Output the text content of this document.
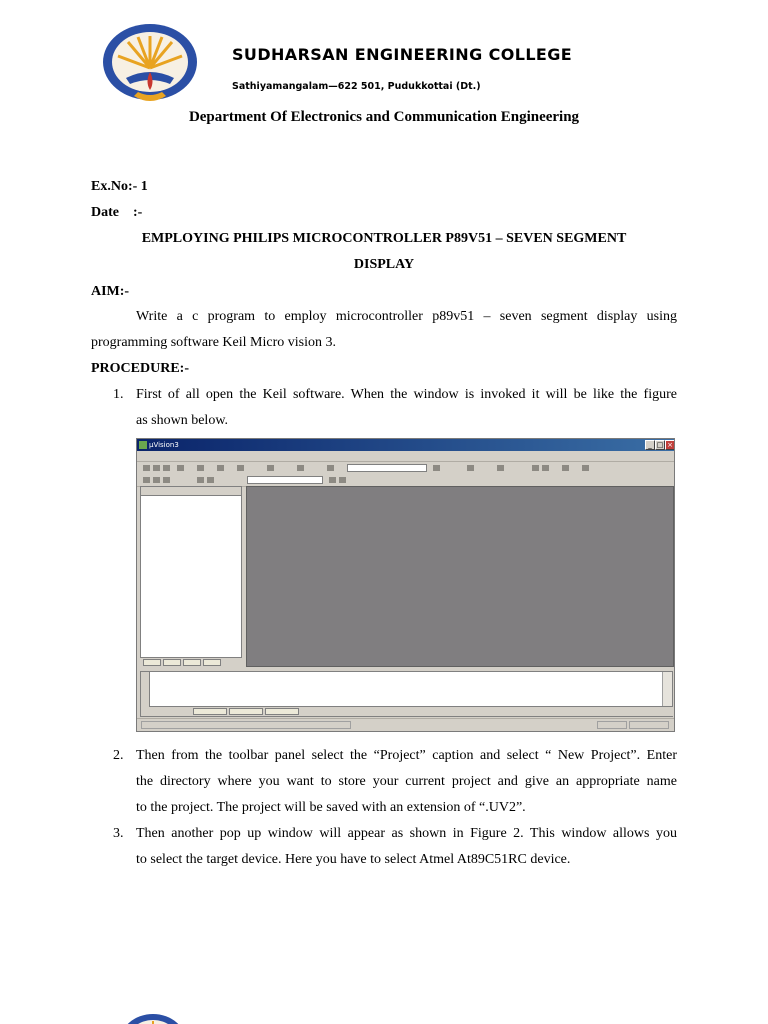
SUDHARSAN ENGINEERING COLLEGE
Sathiyamangalam—622 501, Pudukkottai (Dt.)
Department Of Electronics and Communication Engineering
Ex.No:- 1
Date    :-
EMPLOYING PHILIPS MICROCONTROLLER P89V51 – SEVEN SEGMENT
DISPLAY
AIM:-
Write a c program to employ microcontroller p89v51 – seven segment display using
programming software Keil Micro vision 3.
PROCEDURE:-
1. First of all open the Keil software. When the window is invoked it will be like the figure
as shown below.
µVision3	_ □ ×
2. Then from the toolbar panel select the “Project” caption and select “ New Project”. Enter
the directory where you want to store your current project and give an appropriate name
to the project. The project will be saved with an extension of “.UV2”.
3. Then another pop up window will appear as shown in Figure 2. This window allows you
to select the target device. Here you have to select Atmel At89C51RC device.
